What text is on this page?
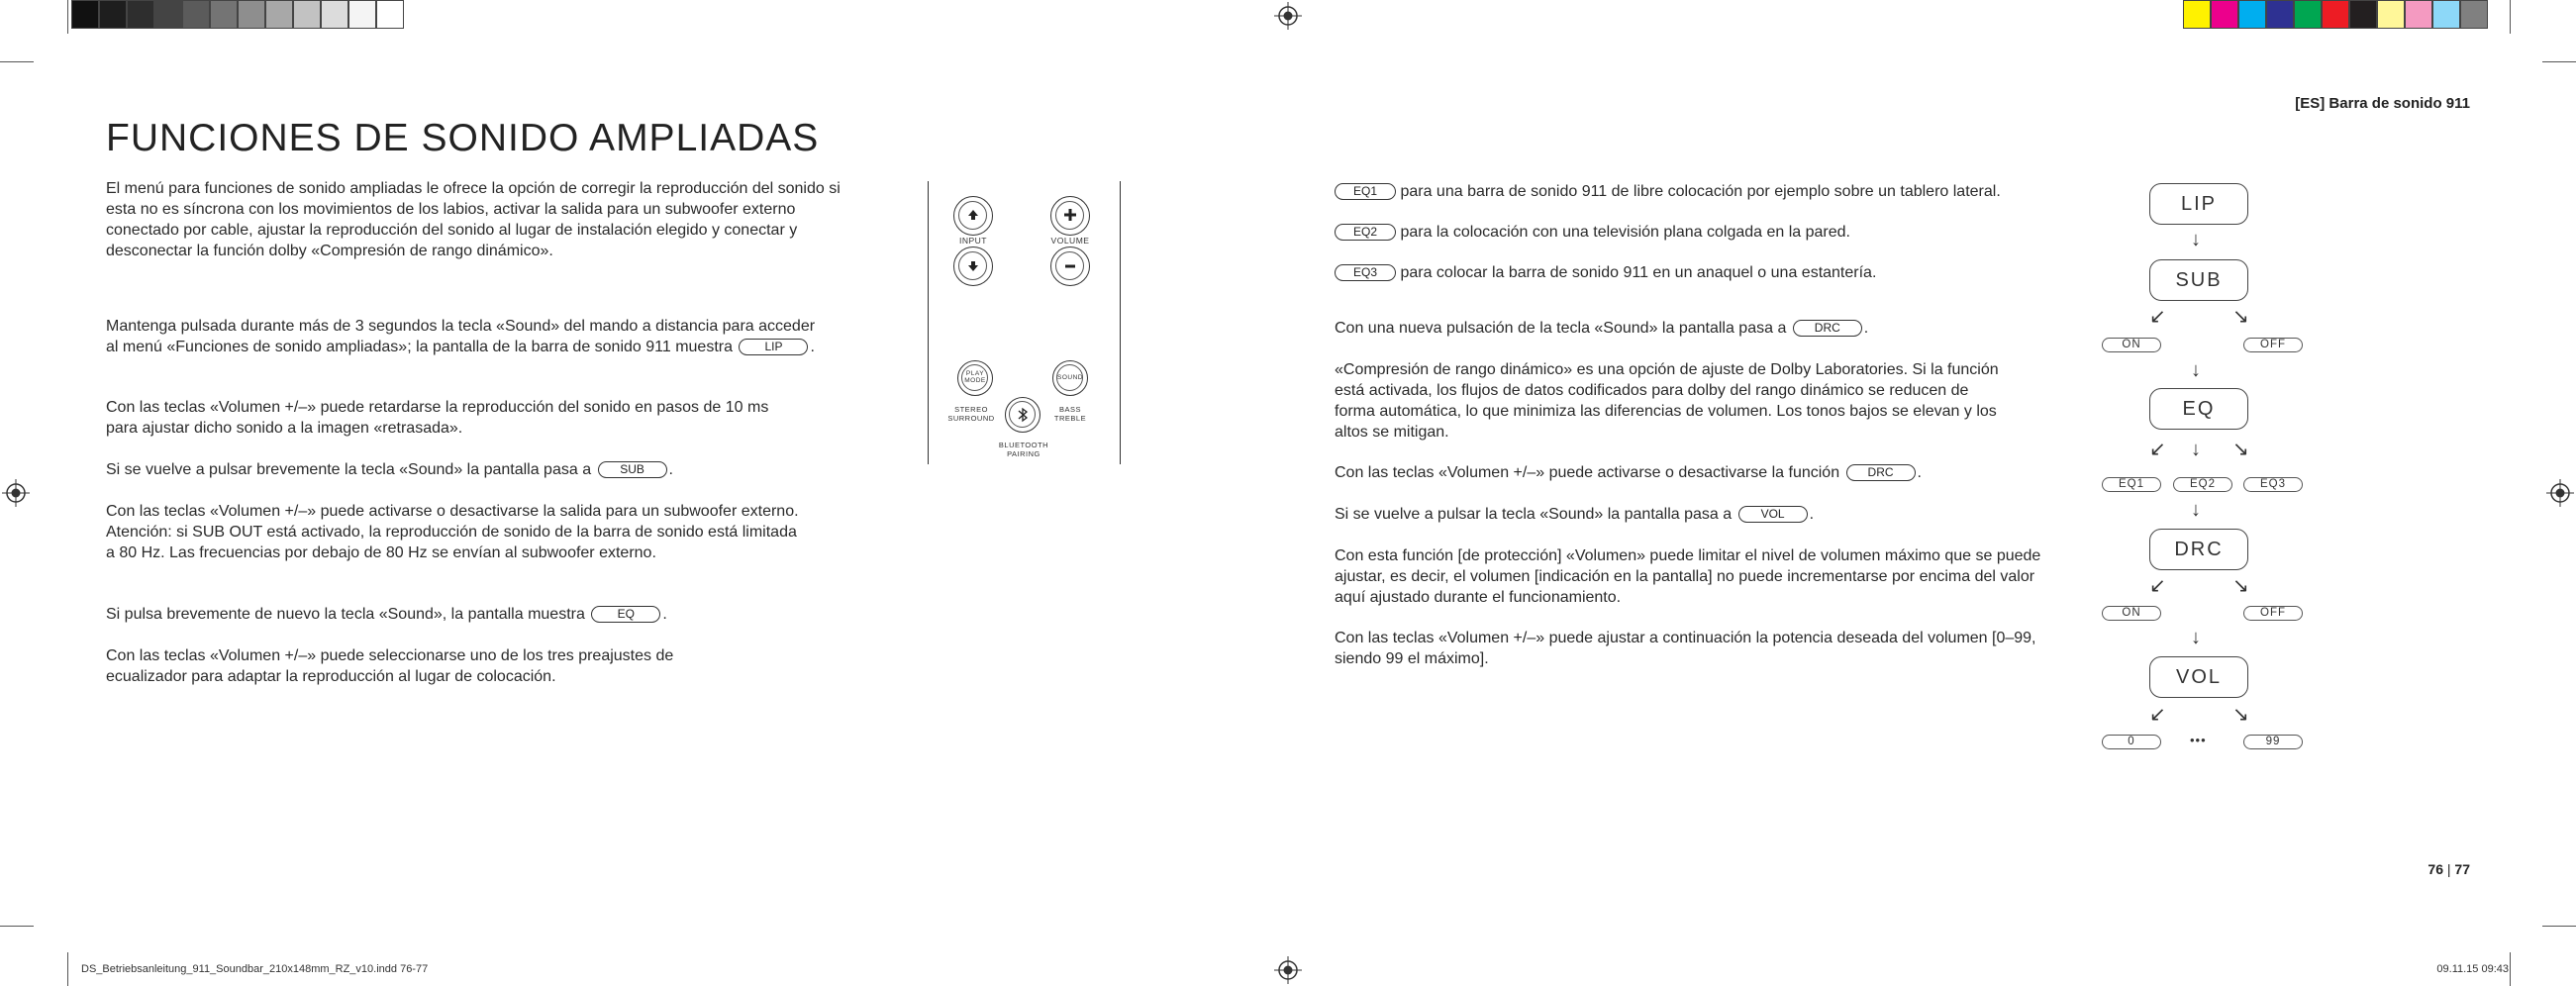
[ES] Barra de sonido 911
FUNCIONES DE SONIDO AMPLIADAS
El menú para funciones de sonido ampliadas le ofrece la opción de corregir la reproducción del sonido si esta no es síncrona con los movimientos de los labios, activar la salida para un subwoofer externo conectado por cable, ajustar la reproducción del sonido al lugar de instalación elegido y conectar y desconectar la función dolby «Compresión de rango dinámico».
Mantenga pulsada durante más de 3 segundos la tecla «Sound» del mando a distancia para acceder al menú «Funciones de sonido ampliadas»; la pantalla de la barra de sonido 911 muestra	LIP .
Con las teclas «Volumen +/–» puede retardarse la reproducción del sonido en pasos de 10 ms para ajustar dicho sonido a la imagen «retrasada».
Si se vuelve a pulsar brevemente la tecla «Sound» la pantalla pasa a SUB .
Con las teclas «Volumen +/–» puede activarse o desactivarse la salida para un subwoofer externo. Atención: si SUB OUT está activado, la reproducción de sonido de la barra de sonido está limitada a 80 Hz. Las frecuencias por debajo de 80 Hz se envían al subwoofer externo.
Si pulsa brevemente de nuevo la tecla «Sound», la pantalla muestra	EQ .
Con las teclas «Volumen +/–» puede seleccionarse uno de los tres preajustes de ecualizador para adaptar la reproducción al lugar de colocación.
INPUT	VOLUME
PLAY MODE	SOUND
STEREO SURROUND
BASS TREBLE
BLUETOOTH PAIRING
EQ1 para una barra de sonido 911 de libre colocación por ejemplo sobre un tablero lateral.
EQ2 para la colocación con una televisión plana colgada en la pared.
EQ3 para colocar la barra de sonido 911 en un anaquel o una estantería.
Con una nueva pulsación de la tecla «Sound» la pantalla pasa a DRC .
«Compresión de rango dinámico» es una opción de ajuste de Dolby Laboratories. Si la función está activada, los flujos de datos codificados para dolby del rango dinámico se reducen de forma automática, lo que minimiza las diferencias de volumen. Los tonos bajos se elevan y los altos se mitigan.
Con las teclas «Volumen +/–» puede activarse o desactivarse la función DRC .
Si se vuelve a pulsar la tecla «Sound» la pantalla pasa a VOL .
Con esta función [de protección] «Volumen» puede limitar el nivel de volumen máximo que se puede ajustar, es decir, el volumen [indicación en la pantalla] no puede incrementarse por encima del valor aquí ajustado durante el funcionamiento.
Con las teclas «Volumen +/–» puede ajustar a continuación la potencia deseada del volumen [0–99, siendo 99 el máximo].
LIP
↓
SUB
↙	↘
ON	OFF
↓
EQ
↙ ↓ ↘
EQ1	EQ2	EQ3
↓
DRC
↙	↘
ON	OFF
↓
VOL
↙	↘
0	•••	99
76 | 77
DS_Betriebsanleitung_911_Soundbar_210x148mm_RZ_v10.indd 76-77	09.11.15 09:43
